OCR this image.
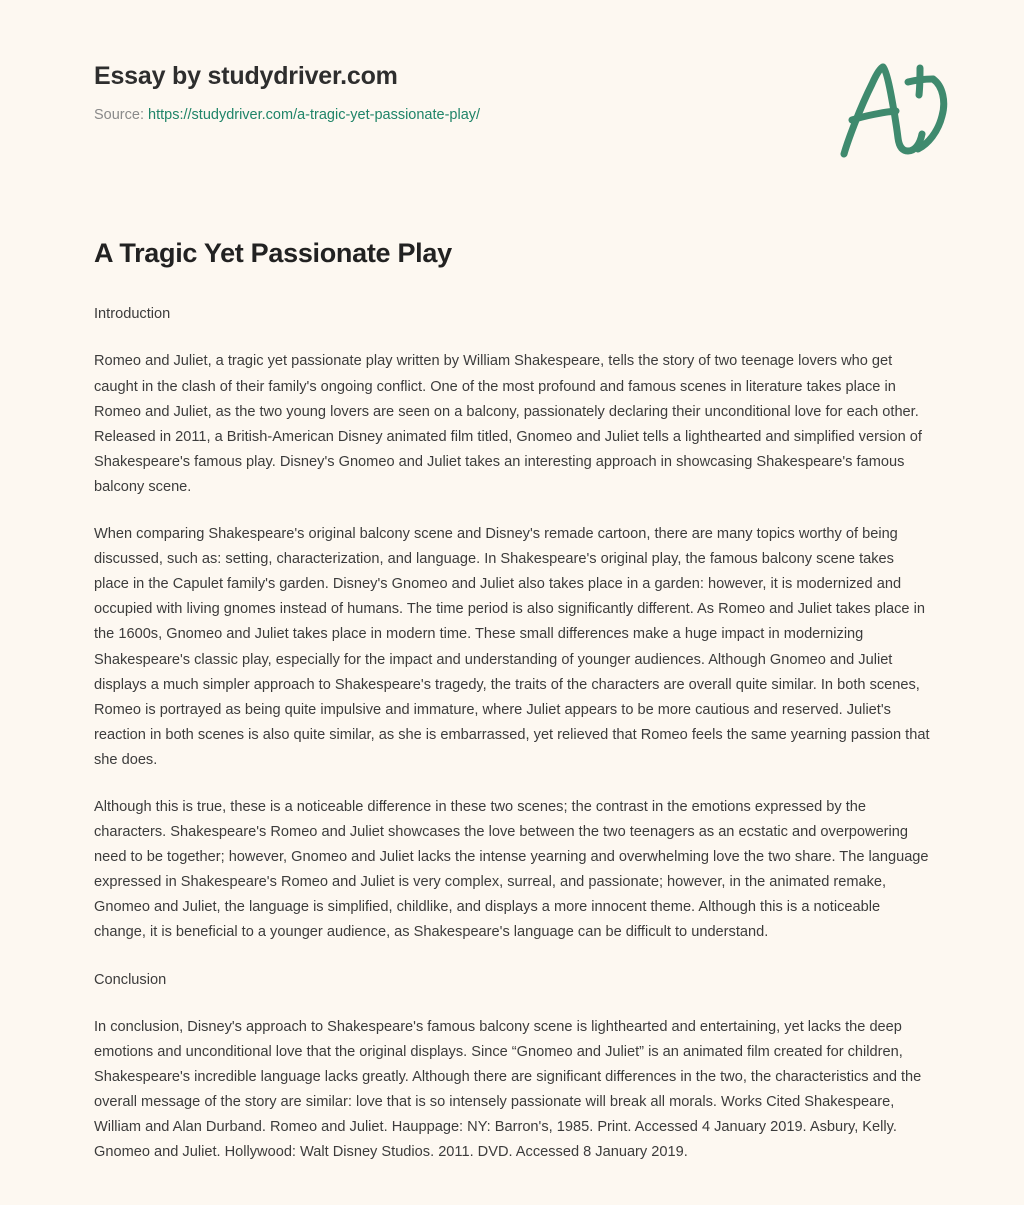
Essay by studydriver.com

Source: https://studydriver.com/a-tragic-yet-passionate-play/

A Tragic Yet Passionate Play

Introduction

Romeo and Juliet, a tragic yet passionate play written by William Shakespeare, tells the story of two teenage lovers who get caught in the clash of their family's ongoing conflict. One of the most profound and famous scenes in literature takes place in Romeo and Juliet, as the two young lovers are seen on a balcony, passionately declaring their unconditional love for each other. Released in 2011, a British-American Disney animated film titled, Gnomeo and Juliet tells a lighthearted and simplified version of Shakespeare's famous play. Disney's Gnomeo and Juliet takes an interesting approach in showcasing Shakespeare's famous balcony scene.

When comparing Shakespeare's original balcony scene and Disney's remade cartoon, there are many topics worthy of being discussed, such as: setting, characterization, and language. In Shakespeare's original play, the famous balcony scene takes place in the Capulet family's garden. Disney's Gnomeo and Juliet also takes place in a garden: however, it is modernized and occupied with living gnomes instead of humans. The time period is also significantly different. As Romeo and Juliet takes place in the 1600s, Gnomeo and Juliet takes place in modern time. These small differences make a huge impact in modernizing Shakespeare's classic play, especially for the impact and understanding of younger audiences. Although Gnomeo and Juliet displays a much simpler approach to Shakespeare's tragedy, the traits of the characters are overall quite similar. In both scenes, Romeo is portrayed as being quite impulsive and immature, where Juliet appears to be more cautious and reserved. Juliet's reaction in both scenes is also quite similar, as she is embarrassed, yet relieved that Romeo feels the same yearning passion that she does.

Although this is true, these is a noticeable difference in these two scenes; the contrast in the emotions expressed by the characters. Shakespeare's Romeo and Juliet showcases the love between the two teenagers as an ecstatic and overpowering need to be together; however, Gnomeo and Juliet lacks the intense yearning and overwhelming love the two share. The language expressed in Shakespeare's Romeo and Juliet is very complex, surreal, and passionate; however, in the animated remake, Gnomeo and Juliet, the language is simplified, childlike, and displays a more innocent theme. Although this is a noticeable change, it is beneficial to a younger audience, as Shakespeare's language can be difficult to understand.

Conclusion

In conclusion, Disney's approach to Shakespeare's famous balcony scene is lighthearted and entertaining, yet lacks the deep emotions and unconditional love that the original displays. Since “Gnomeo and Juliet” is an animated film created for children, Shakespeare's incredible language lacks greatly. Although there are significant differences in the two, the characteristics and the overall message of the story are similar: love that is so intensely passionate will break all morals. Works Cited Shakespeare, William and Alan Durband. Romeo and Juliet. Hauppage: NY: Barron's, 1985. Print. Accessed 4 January 2019. Asbury, Kelly. Gnomeo and Juliet. Hollywood: Walt Disney Studios. 2011. DVD. Accessed 8 January 2019.
